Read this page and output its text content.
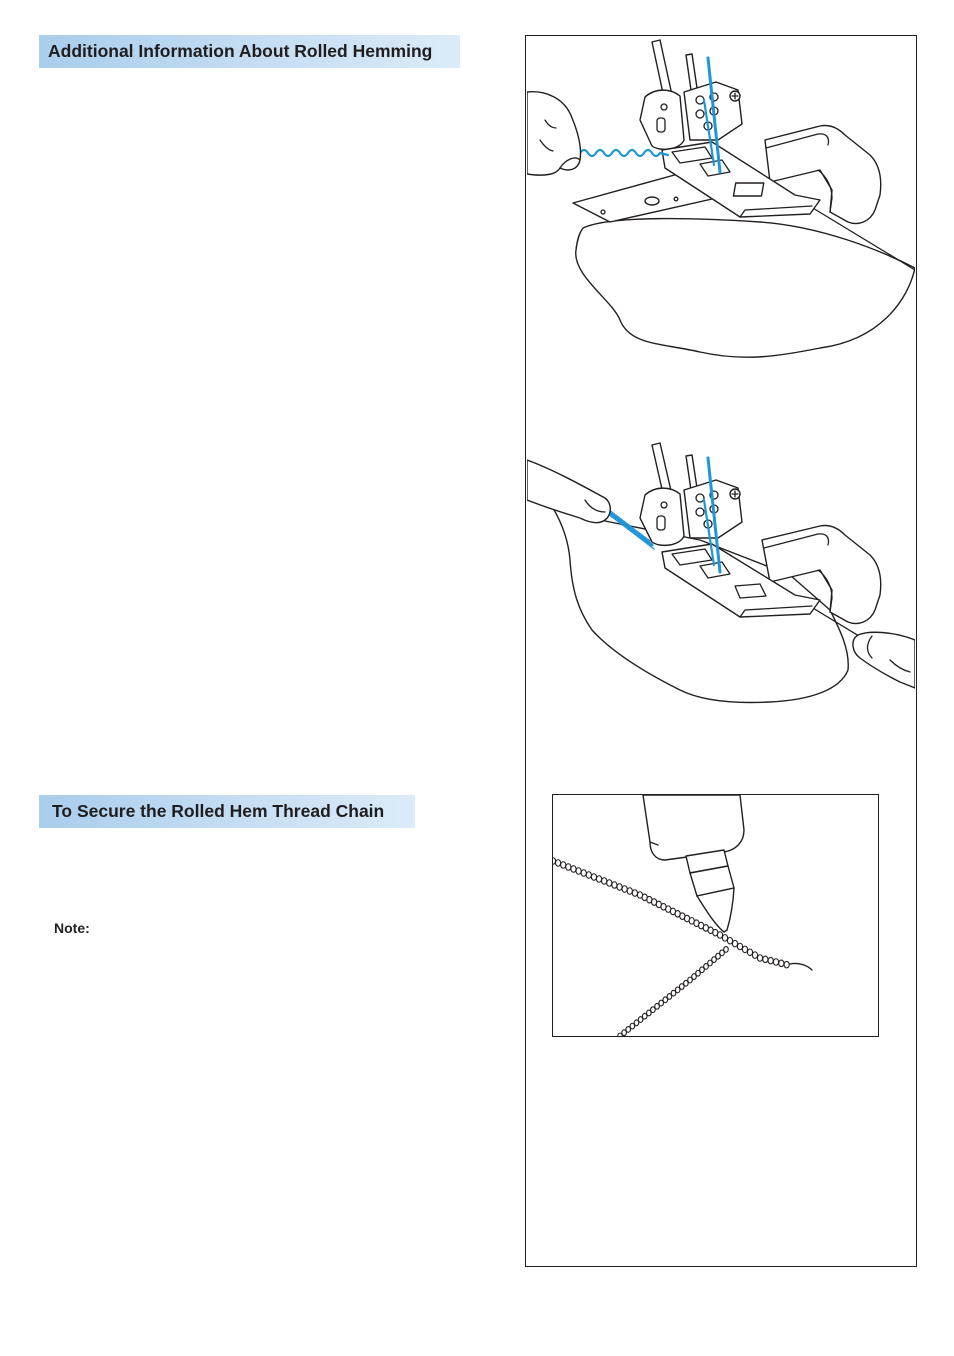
Additional Information About Rolled Hemming
To Secure the Rolled Hem Thread Chain
Note:
